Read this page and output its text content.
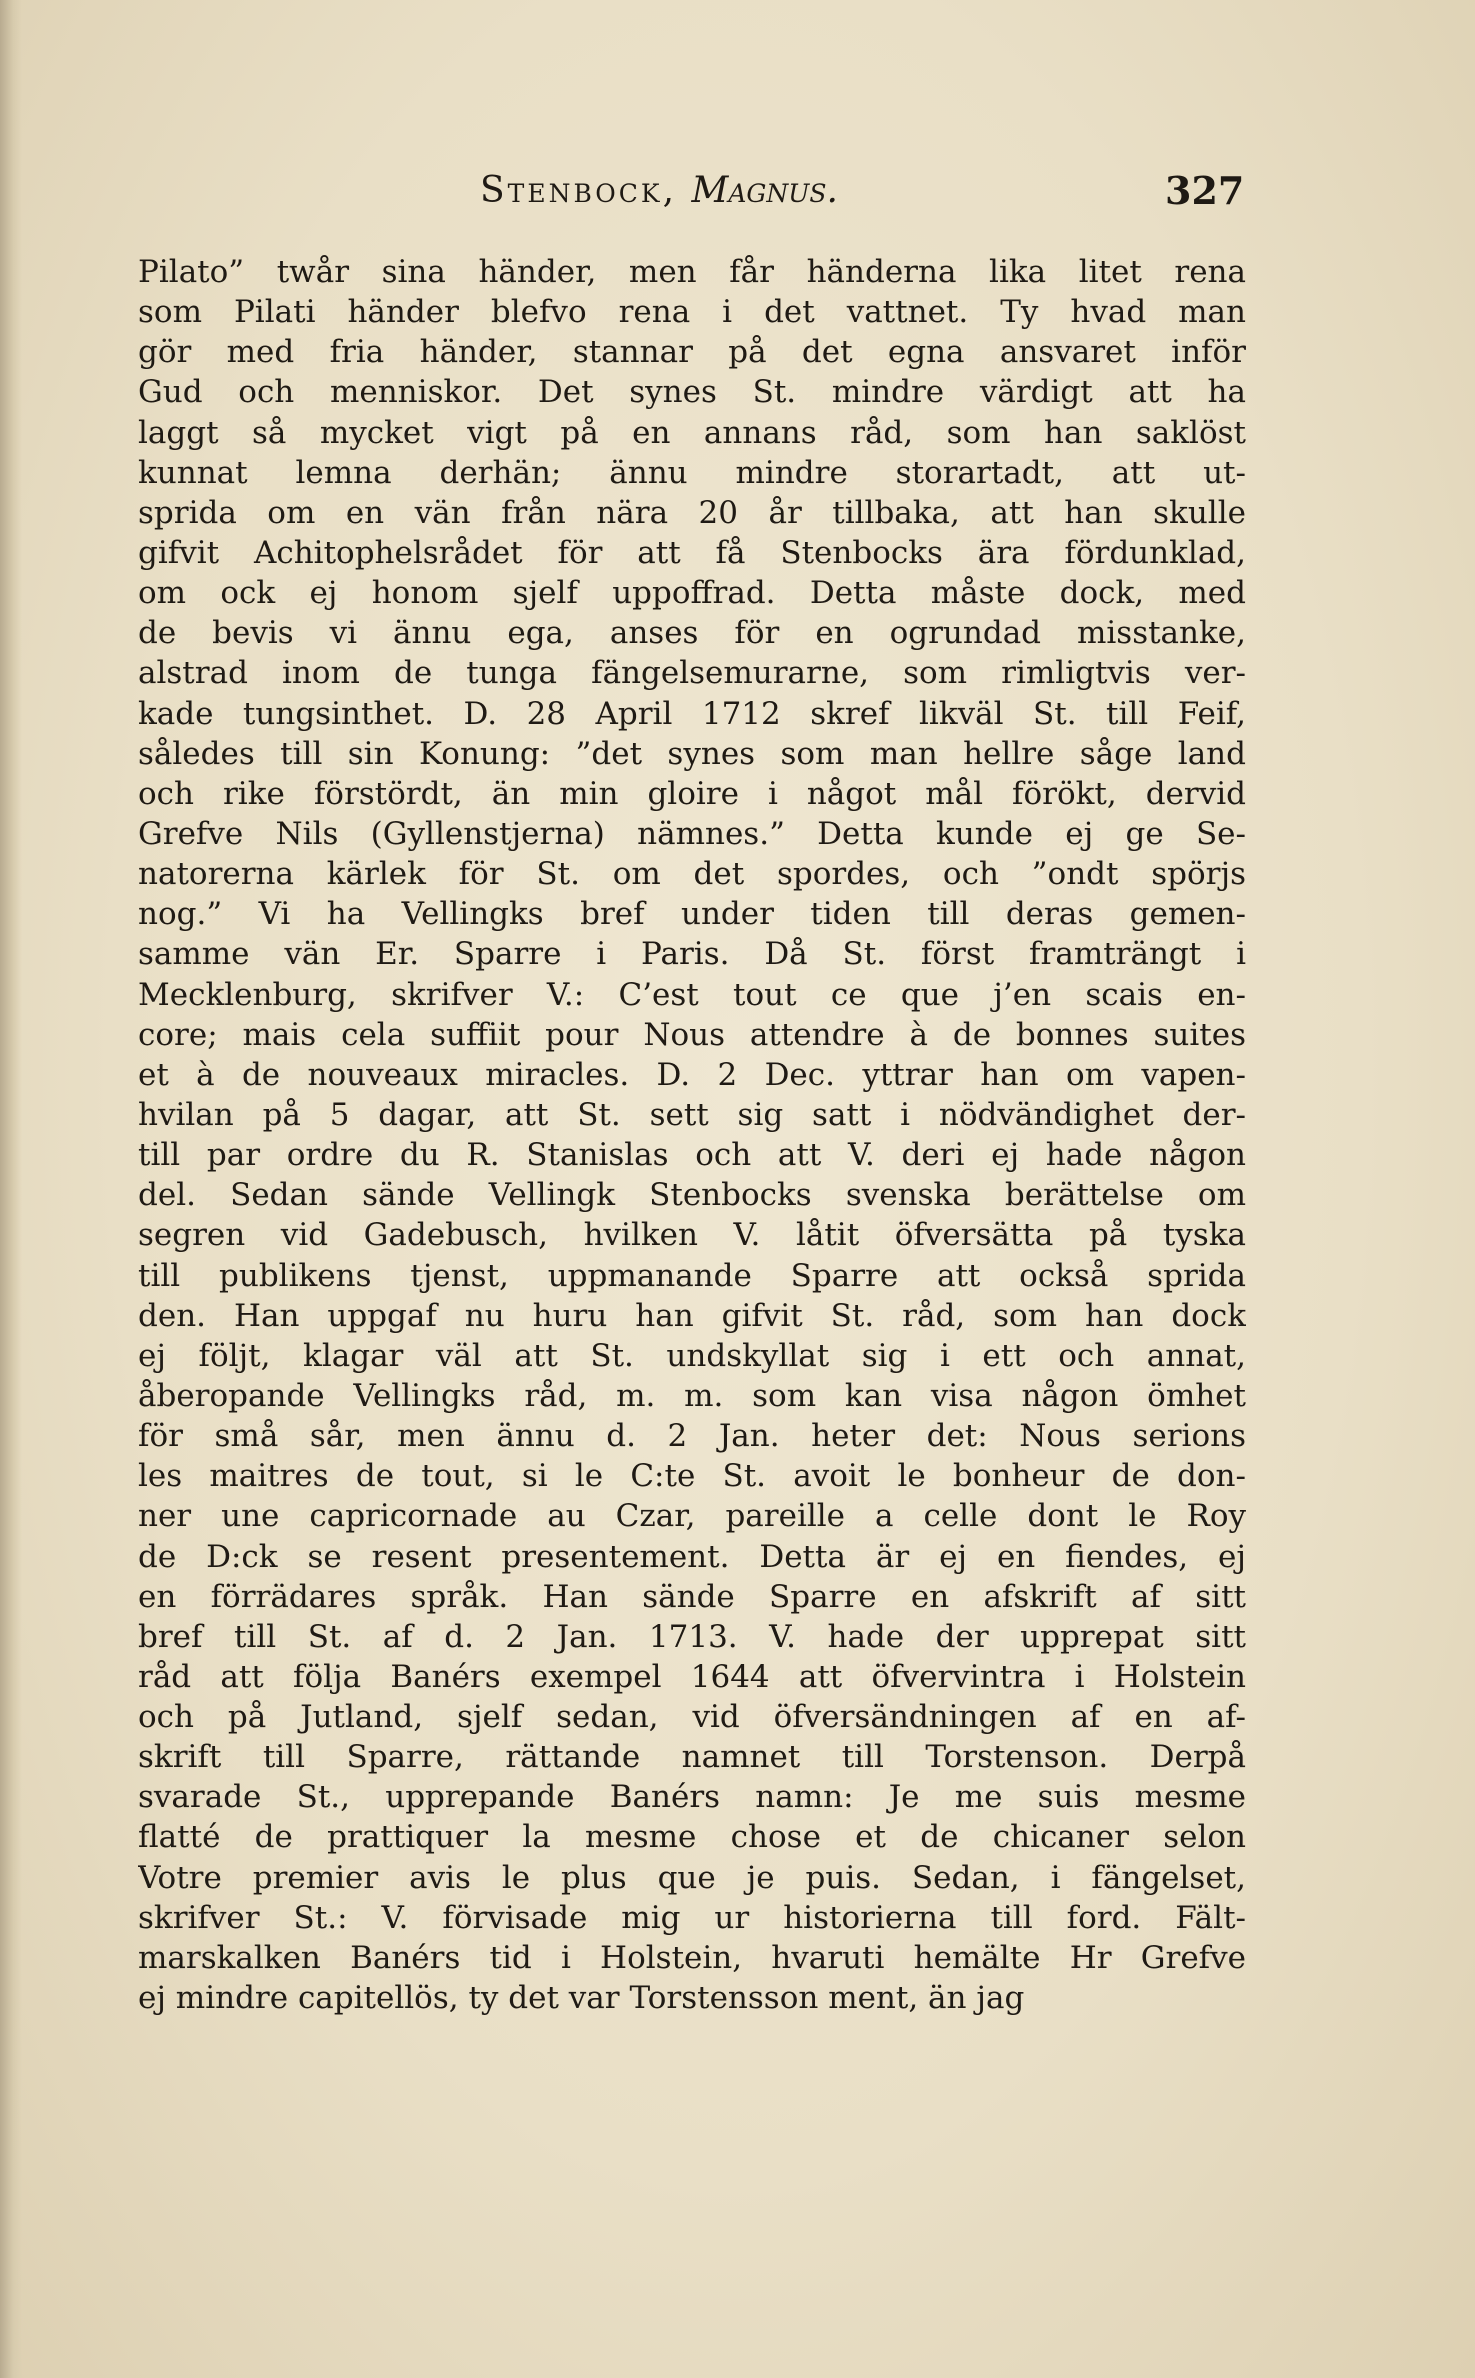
Stenbock, Magnus.	327
Pilato” twår sina händer, men får händerna lika litet rena
som Pilati händer blefvo rena i det vattnet. Ty hvad man
gör med fria händer, stannar på det egna ansvaret inför
Gud och menniskor. Det synes St. mindre värdigt att ha
laggt så mycket vigt på en annans råd, som han saklöst
kunnat lemna derhän; ännu mindre storartadt, att ut-
sprida om en vän från nära 20 år tillbaka, att han skulle
gifvit Achitophelsrådet för att få Stenbocks ära fördunklad,
om ock ej honom sjelf uppoffrad. Detta måste dock, med
de bevis vi ännu ega, anses för en ogrundad misstanke,
alstrad inom de tunga fängelsemurarne, som rimligtvis ver-
kade tungsinthet. D. 28 April 1712 skref likväl St. till Feif,
således till sin Konung: ”det synes som man hellre såge land
och rike förstördt, än min gloire i något mål förökt, dervid
Grefve Nils (Gyllenstjerna) nämnes.” Detta kunde ej ge Se-
natorerna kärlek för St. om det spordes, och ”ondt spörjs
nog.” Vi ha Vellingks bref under tiden till deras gemen-
samme vän Er. Sparre i Paris. Då St. först framträngt i
Mecklenburg, skrifver V.: C’est tout ce que j’en scais en-
core; mais cela suffiit pour Nous attendre à de bonnes suites
et à de nouveaux miracles. D. 2 Dec. yttrar han om vapen-
hvilan på 5 dagar, att St. sett sig satt i nödvändighet der-
till par ordre du R. Stanislas och att V. deri ej hade någon
del. Sedan sände Vellingk Stenbocks svenska berättelse om
segren vid Gadebusch, hvilken V. låtit öfversätta på tyska
till publikens tjenst, uppmanande Sparre att också sprida
den. Han uppgaf nu huru han gifvit St. råd, som han dock
ej följt, klagar väl att St. undskyllat sig i ett och annat,
åberopande Vellingks råd, m. m. som kan visa någon ömhet
för små sår, men ännu d. 2 Jan. heter det: Nous serions
les maitres de tout, si le C:te St. avoit le bonheur de don-
ner une capricornade au Czar, pareille a celle dont le Roy
de D:ck se resent presentement. Detta är ej en fiendes, ej
en förrädares språk. Han sände Sparre en afskrift af sitt
bref till St. af d. 2 Jan. 1713. V. hade der upprepat sitt
råd att följa Banérs exempel 1644 att öfvervintra i Holstein
och på Jutland, sjelf sedan, vid öfversändningen af en af-
skrift till Sparre, rättande namnet till Torstenson. Derpå
svarade St., upprepande Banérs namn: Je me suis mesme
flatté de prattiquer la mesme chose et de chicaner selon
Votre premier avis le plus que je puis. Sedan, i fängelset,
skrifver St.: V. förvisade mig ur historierna till ford. Fält-
marskalken Banérs tid i Holstein, hvaruti hemälte Hr Grefve
ej mindre capitellös, ty det var Torstensson ment, än jag
